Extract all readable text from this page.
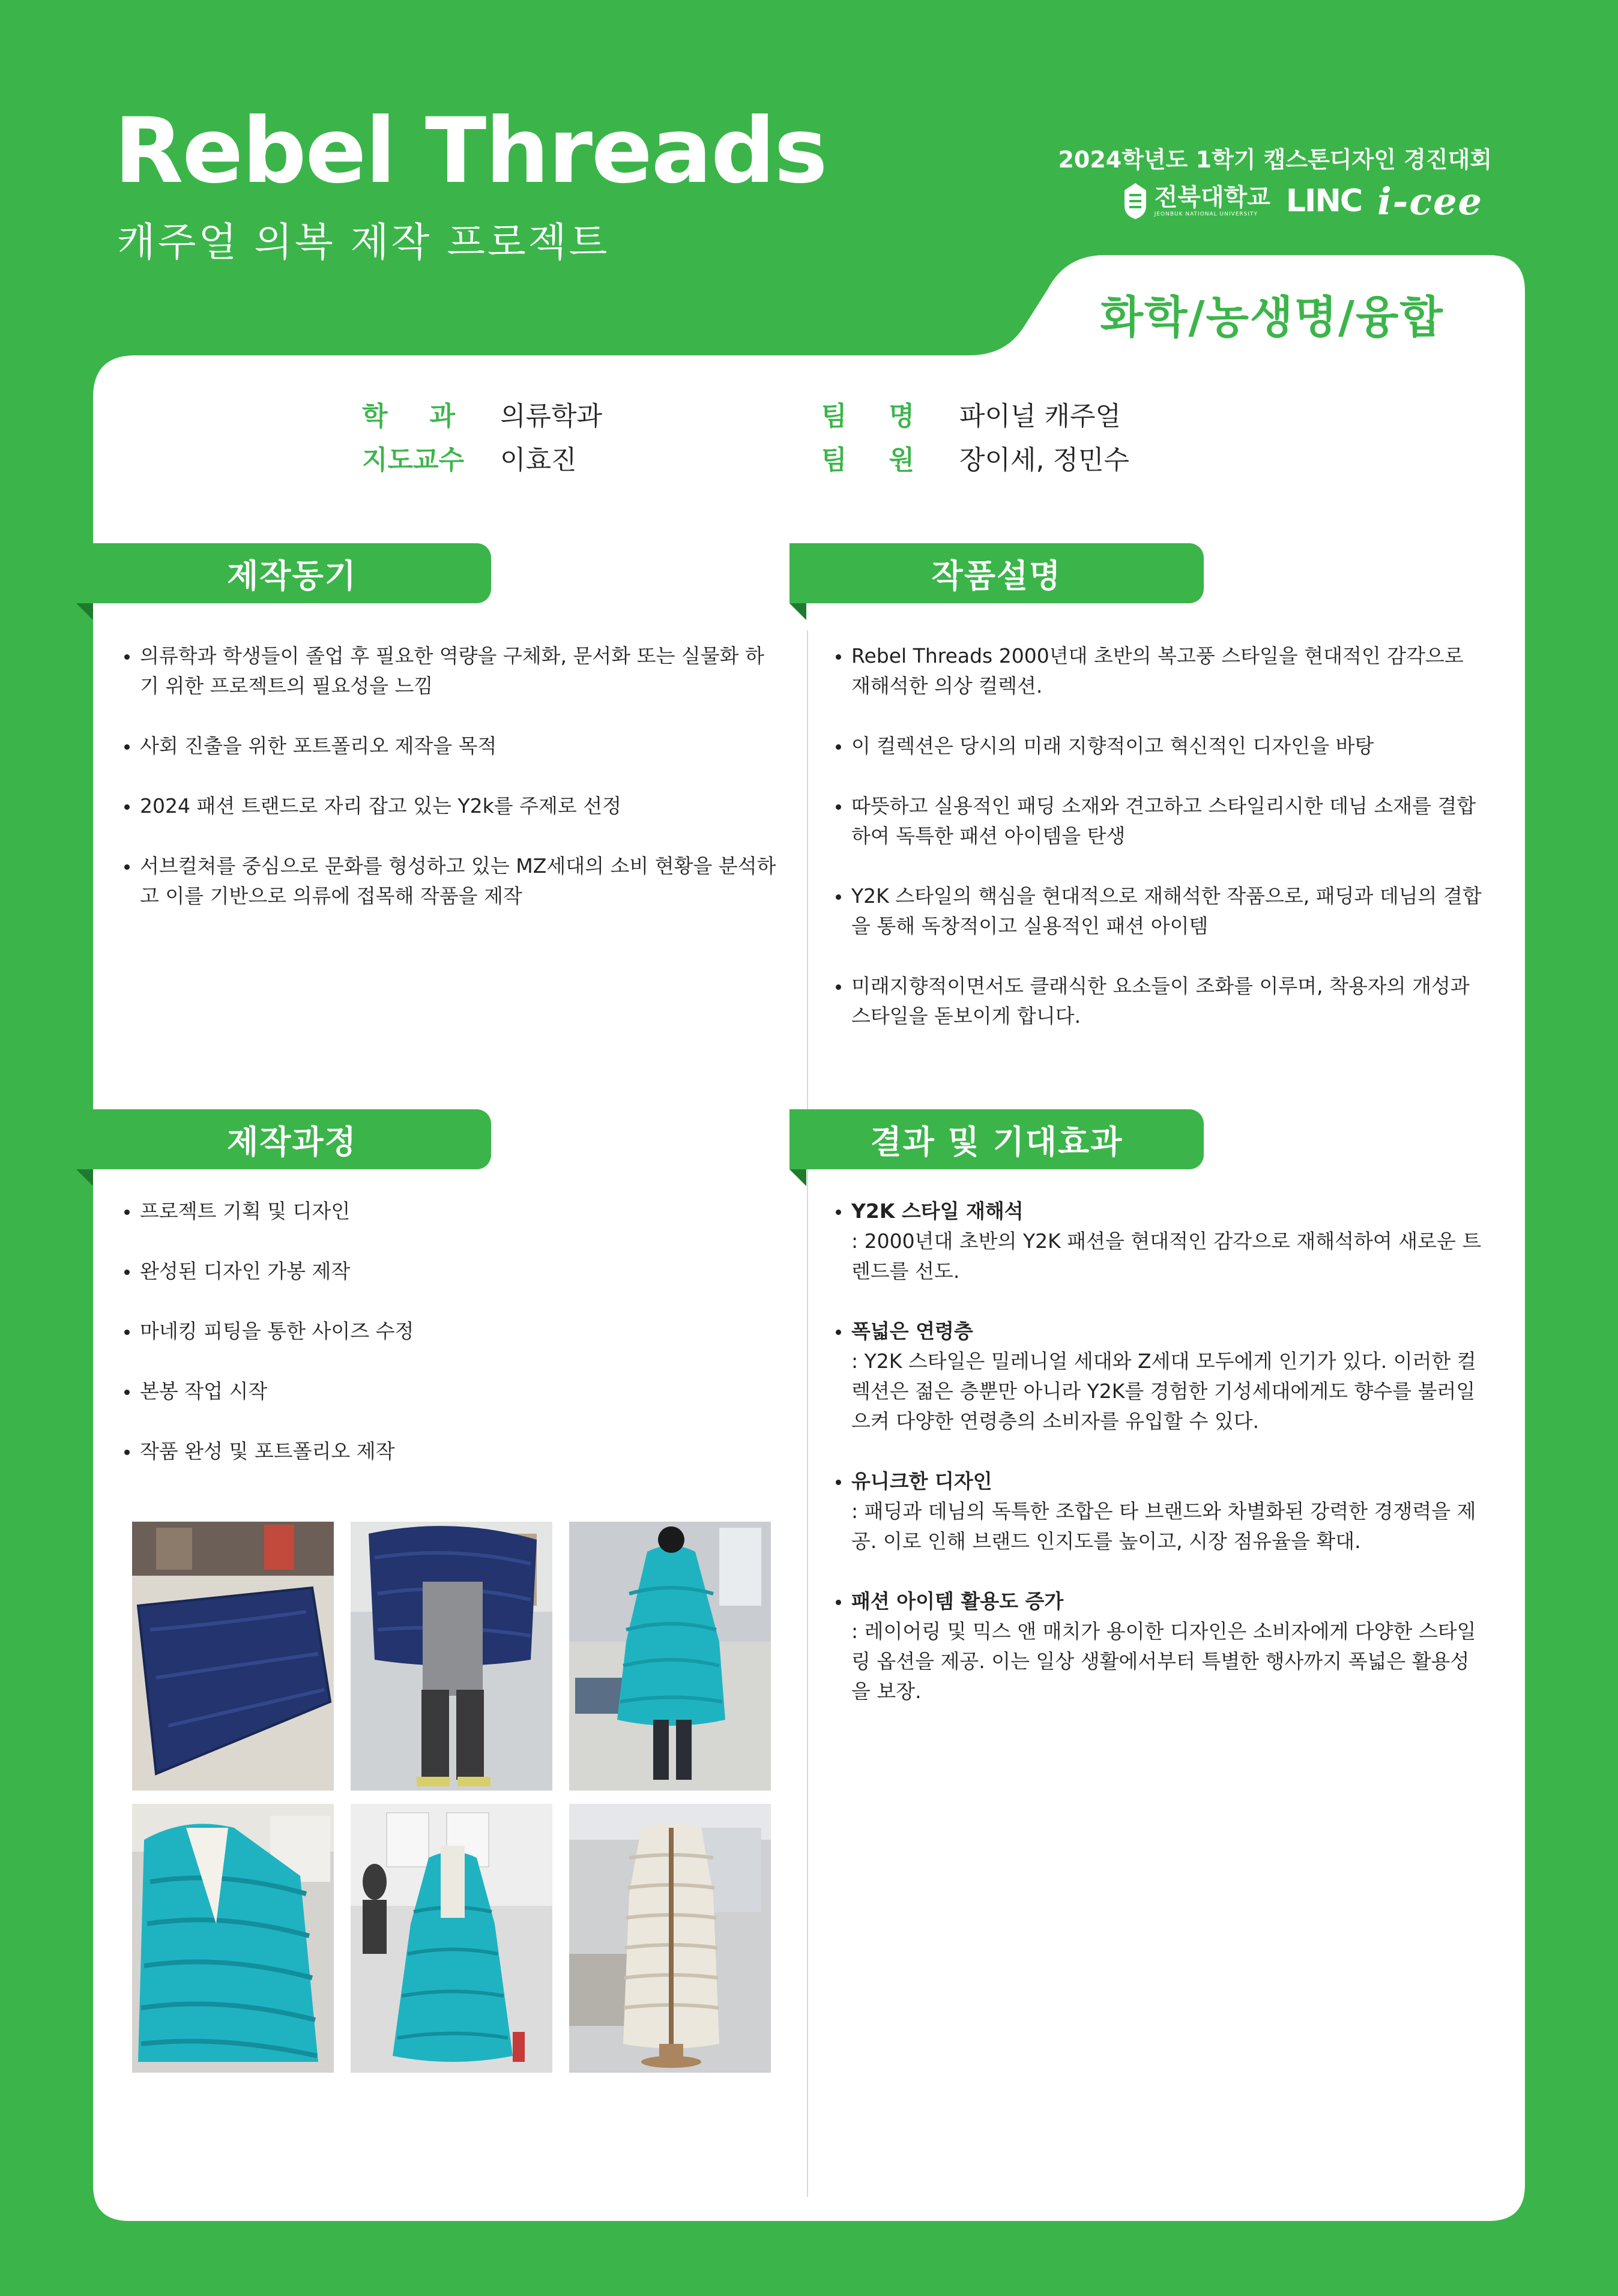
Rebel Threads
캐주얼 의복 제작 프로젝트
2024학년도 1학기 캡스톤디자인 경진대회
전북대학교
JEONBUK NATIONAL UNIVERSITY LINC i-cee
화학/농생명/융합
학 과 의류학과
지도교수	이효진
팀 명 파이널 캐주얼
팀 원 장이세, 정민수
제작동기
의류학과 학생들이 졸업 후 필요한 역량을 구체화, 문서화 또는 실물화 하기 위한 프로젝트의 필요성을 느낌
사회 진출을 위한 포트폴리오 제작을 목적
2024 패션 트랜드로 자리 잡고 있는 Y2k를 주제로 선정
서브컬쳐를 중심으로 문화를 형성하고 있는 MZ세대의 소비 현황을 분석하고 이를 기반으로 의류에 접목해 작품을 제작
작품설명
Rebel Threads 2000년대 초반의 복고풍 스타일을 현대적인 감각으로 재해석한 의상 컬렉션.
이 컬렉션은 당시의 미래 지향적이고 혁신적인 디자인을 바탕
따뜻하고 실용적인 패딩 소재와 견고하고 스타일리시한 데님 소재를 결합하여 독특한 패션 아이템을 탄생
Y2K 스타일의 핵심을 현대적으로 재해석한 작품으로, 패딩과 데님의 결합을 통해 독창적이고 실용적인 패션 아이템
미래지향적이면서도 클래식한 요소들이 조화를 이루며, 착용자의 개성과 스타일을 돋보이게 합니다.
제작과정
프로젝트 기획 및 디자인
완성된 디자인 가봉 제작
마네킹 피팅을 통한 사이즈 수정
본봉 작업 시작
작품 완성 및 포트폴리오 제작
결과 및 기대효과
Y2K 스타일 재해석
: 2000년대 초반의 Y2K 패션을 현대적인 감각으로 재해석하여 새로운 트렌드를 선도.
폭넓은 연령층
: Y2K 스타일은 밀레니얼 세대와 Z세대 모두에게 인기가 있다. 이러한 컬렉션은 젊은 층뿐만 아니라 Y2K를 경험한 기성세대에게도 향수를 불러일으켜 다양한 연령층의 소비자를 유입할 수 있다.
유니크한 디자인
: 패딩과 데님의 독특한 조합은 타 브랜드와 차별화된 강력한 경쟁력을 제공. 이로 인해 브랜드 인지도를 높이고, 시장 점유율을 확대.
패션 아이템 활용도 증가
: 레이어링 및 믹스 앤 매치가 용이한 디자인은 소비자에게 다양한 스타일링 옵션을 제공. 이는 일상 생활에서부터 특별한 행사까지 폭넓은 활용성을 보장.
